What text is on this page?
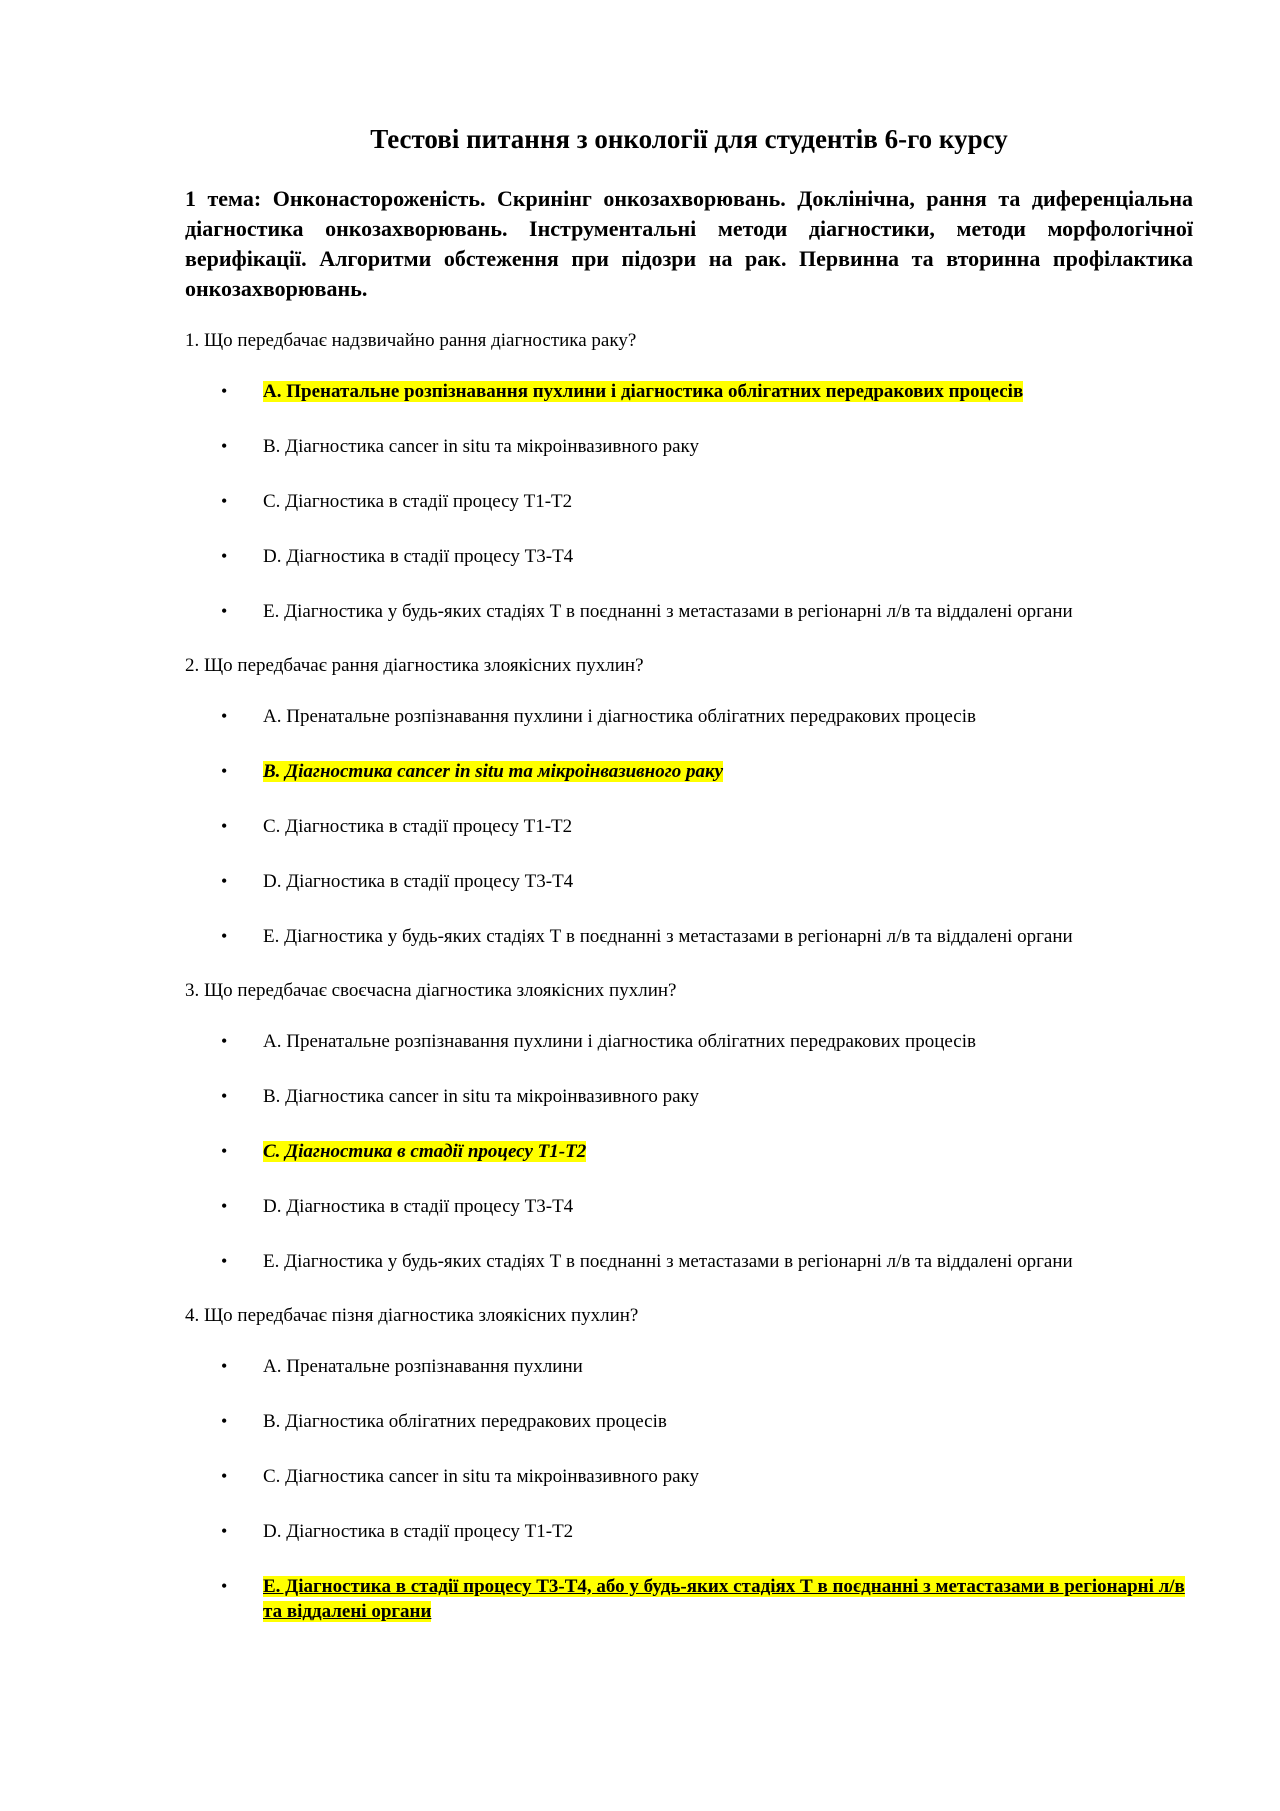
Тестові питання з онкології для студентів 6-го курсу
1 тема: Онконастороженість. Скринінг онкозахворювань. Доклінічна, рання та диференціальна діагностика онкозахворювань. Інструментальні методи діагностики, методи морфологічної верифікації. Алгоритми обстеження при підозри на рак. Первинна та вторинна профілактика онкозахворювань.

1. Що передбачає надзвичайно рання діагностика раку?

• A. Пренатальне розпізнавання пухлини і діагностика облігатних передракових процесів
• B. Діагностика cancer in situ та мікроінвазивного раку
• C. Діагностика в стадії процесу Т1-Т2
• D. Діагностика в стадії процесу Т3-Т4
• E. Діагностика у будь-яких стадіях Т в поєднанні з метастазами в регіонарні л/в та віддалені органи

2. Що передбачає рання діагностика злоякісних пухлин?

• A. Пренатальне розпізнавання пухлини і діагностика облігатних передракових процесів
• B. Діагностика cancer in situ та мікроінвазивного раку
• C. Діагностика в стадії процесу Т1-Т2
• D. Діагностика в стадії процесу Т3-Т4
• E. Діагностика у будь-яких стадіях Т в поєднанні з метастазами в регіонарні л/в та віддалені органи

3. Що передбачає своєчасна діагностика злоякісних пухлин?

• A. Пренатальне розпізнавання пухлини і діагностика облігатних передракових процесів
• B. Діагностика cancer in situ та мікроінвазивного раку
• C. Діагностика в стадії процесу Т1-Т2
• D. Діагностика в стадії процесу Т3-Т4
• E. Діагностика у будь-яких стадіях Т в поєднанні з метастазами в регіонарні л/в та віддалені органи

4. Що передбачає пізня діагностика злоякісних пухлин?

• A. Пренатальне розпізнавання пухлини
• B. Діагностика облігатних передракових процесів
• C. Діагностика cancer in situ та мікроінвазивного раку
• D. Діагностика в стадії процесу Т1-Т2
• E. Діагностика в стадії процесу Т3-Т4, або у будь-яких стадіях Т в поєднанні з метастазами в регіонарні л/в та віддалені органи
